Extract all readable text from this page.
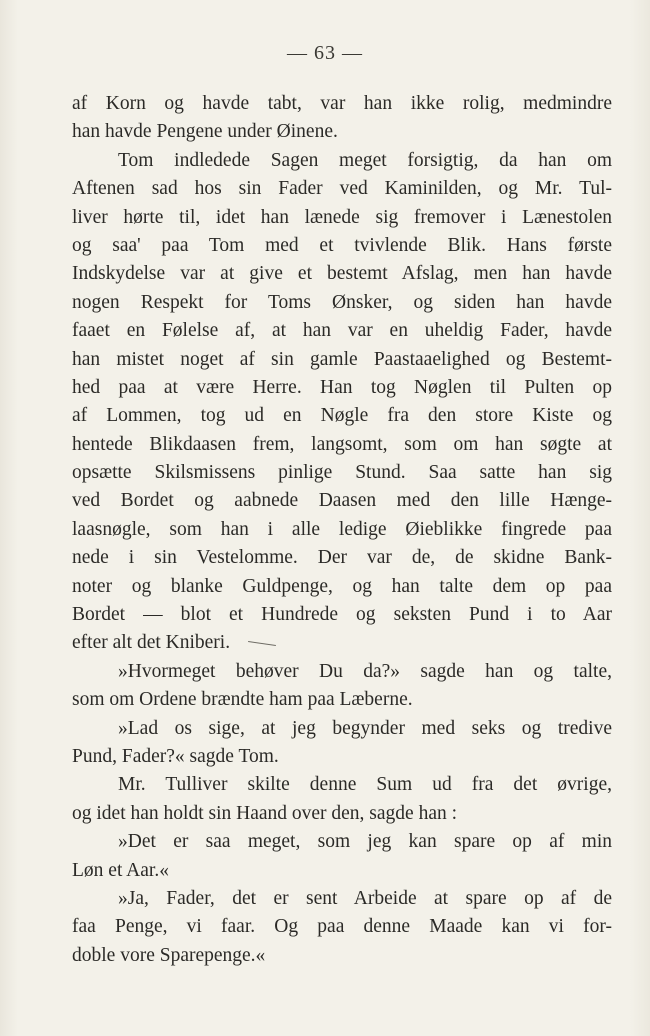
— 63 —
af Korn og havde tabt, var han ikke rolig, medmindre
han havde Pengene under Øinene.
Tom indledede Sagen meget forsigtig, da han om
Aftenen sad hos sin Fader ved Kaminilden, og Mr. Tul-
liver hørte til, idet han lænede sig fremover i Lænestolen
og saa' paa Tom med et tvivlende Blik. Hans første
Indskydelse var at give et bestemt Afslag, men han havde
nogen Respekt for Toms Ønsker, og siden han havde
faaet en Følelse af, at han var en uheldig Fader, havde
han mistet noget af sin gamle Paastaaelighed og Bestemt-
hed paa at være Herre. Han tog Nøglen til Pulten op
af Lommen, tog ud en Nøgle fra den store Kiste og
hentede Blikdaasen frem, langsomt, som om han søgte at
opsætte Skilsmissens pinlige Stund. Saa satte han sig
ved Bordet og aabnede Daasen med den lille Hænge-
laasnøgle, som han i alle ledige Øieblikke fingrede paa
nede i sin Vestelomme. Der var de, de skidne Bank-
noter og blanke Guldpenge, og han talte dem op paa
Bordet — blot et Hundrede og seksten Pund i to Aar
efter alt det Kniberi.
»Hvormeget behøver Du da?» sagde han og talte,
som om Ordene brændte ham paa Læberne.
»Lad os sige, at jeg begynder med seks og tredive
Pund, Fader?« sagde Tom.
Mr. Tulliver skilte denne Sum ud fra det øvrige,
og idet han holdt sin Haand over den, sagde han :
»Det er saa meget, som jeg kan spare op af min
Løn et Aar.«
»Ja, Fader, det er sent Arbeide at spare op af de
faa Penge, vi faar. Og paa denne Maade kan vi for-
doble vore Sparepenge.«
